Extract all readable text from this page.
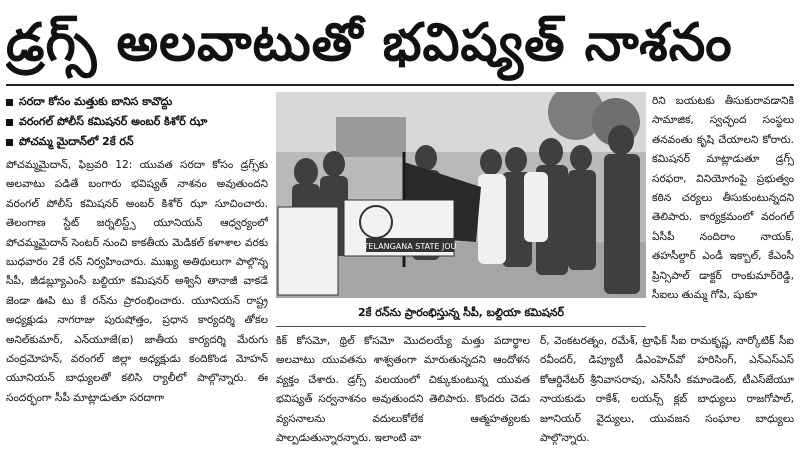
డ్రగ్స్ అలవాటుతో భవిష్యత్ నాశనం
సరదా కోసం మత్తుకు బానిస కావొద్దు
వరంగల్ పోలీస్ కమిషనర్ అంబర్ కిశోర్ ఝా
పోచమ్మ మైదాన్‌లో 2కే రన్
పోచమ్మమైదాన్, ఫిబ్రవరి 12: యువత సరదా కోసం డ్రగ్స్‌కు అలవాటు పడితే బంగారు భవిష్యత్ నాశనం అవుతుందని వరంగల్ పోలీస్ కమిషనర్ అంబర్ కిశోర్ ఝా సూచించారు. తెలంగాణ స్టేట్ జర్నలిస్ట్స్ యూనియన్ ఆధ్వర్యంలో పోచమ్మమైదాన్ సెంటర్ నుంచి కాకతీయ మెడికల్ కళాశాల వరకు బుధవారం 2కే రన్ నిర్వహించారు. ముఖ్య అతిథులుగా పాల్గొన్న సీపీ, జీడబ్ల్యూఎంసీ బల్దియా కమిషనర్ అశ్వినీ తానాజీ వాకడే జెండా ఊపి టు కే రన్‌ను ప్రారంభించారు. యూనియన్ రాష్ట్ర అధ్యక్షుడు నాగరాజు పురుషోత్తం, ప్రధాన కార్యదర్శి తోకల అనిల్‌కుమార్, ఎన్‌యూజే(ఐ) జాతీయ కార్యదర్శి మేరుగు చంద్రమోహన్, వరంగల్ జిల్లా అధ్యక్షుడు కందికొండ మోహన్ యూనియన్ బాధ్యులతో కలిసి ర్యాలీలో పాల్గొన్నారు. ఈ సందర్భంగా సీపీ మాట్లాడుతూ సరదాగా
TELANGANA STATE JOU
2కే రన్‌ను ప్రారంభిస్తున్న సీపీ, బల్దియా కమిషనర్
రిని బయటకు తీసుకురావడానికి సామాజిక, స్వచ్ఛంద సంస్థలు తనవంతు కృషి చేయాలని కోరారు. కమిషనర్ మాట్లాడుతూ డ్రగ్స్ సరఫరా, వినియోగంపై ప్రభుత్వం కఠిన చర్యలు తీసుకుంటున్నదని తెలిపారు. కార్యక్రమంలో వరంగల్ ఏసీపీ నందిరాం నాయక్, తహసీల్దార్ ఎండీ ఇక్బాల్, కేఎంసీ ప్రిన్సిపాల్ డాక్టర్ రాంకుమార్‌రెడ్డి, సీఐలు తుమ్మ గోపి, షుకూ
కిక్ కోసమో, థ్రిల్ కోసమో మొదలయ్యే మత్తు పదార్థాల అలవాటు యువతను శాశ్వతంగా మారుతున్నదని ఆందోళన వ్యక్తం చేశారు. డ్రగ్స్ వలయంలో చిక్కుకుంటున్న యువత భవిష్యత్ సర్వనాశనం అవుతుందని తెలిపారు. కొందరు చెడు వ్యసనాలను వదులుకోలేక ఆత్మహత్యలకు పాల్పడుతున్నారన్నారు. ఇలాంటి వా
ర్, వెంకటరత్నం, రమేశ్, ట్రాఫిక్ సీఐ రామకృష్ణ, నార్కోటిక్ సీఐ రవీందర్, డిప్యూటీ డీఎంహెచ్‌వో హరిసింగ్, ఎన్ఎస్ఎస్ కోఆర్డినేటర్ శ్రీనివాసరావు, ఎన్‌సీసీ కమాండెంట్, టీఎస్‌జేయూ నాయకుడు రాకేశ్, లయన్స్ క్లబ్ బాధ్యులు రాజగోపాల్, జూనియర్ వైద్యులు, యువజన సంఘాల బాధ్యులు పాల్గొన్నారు.
